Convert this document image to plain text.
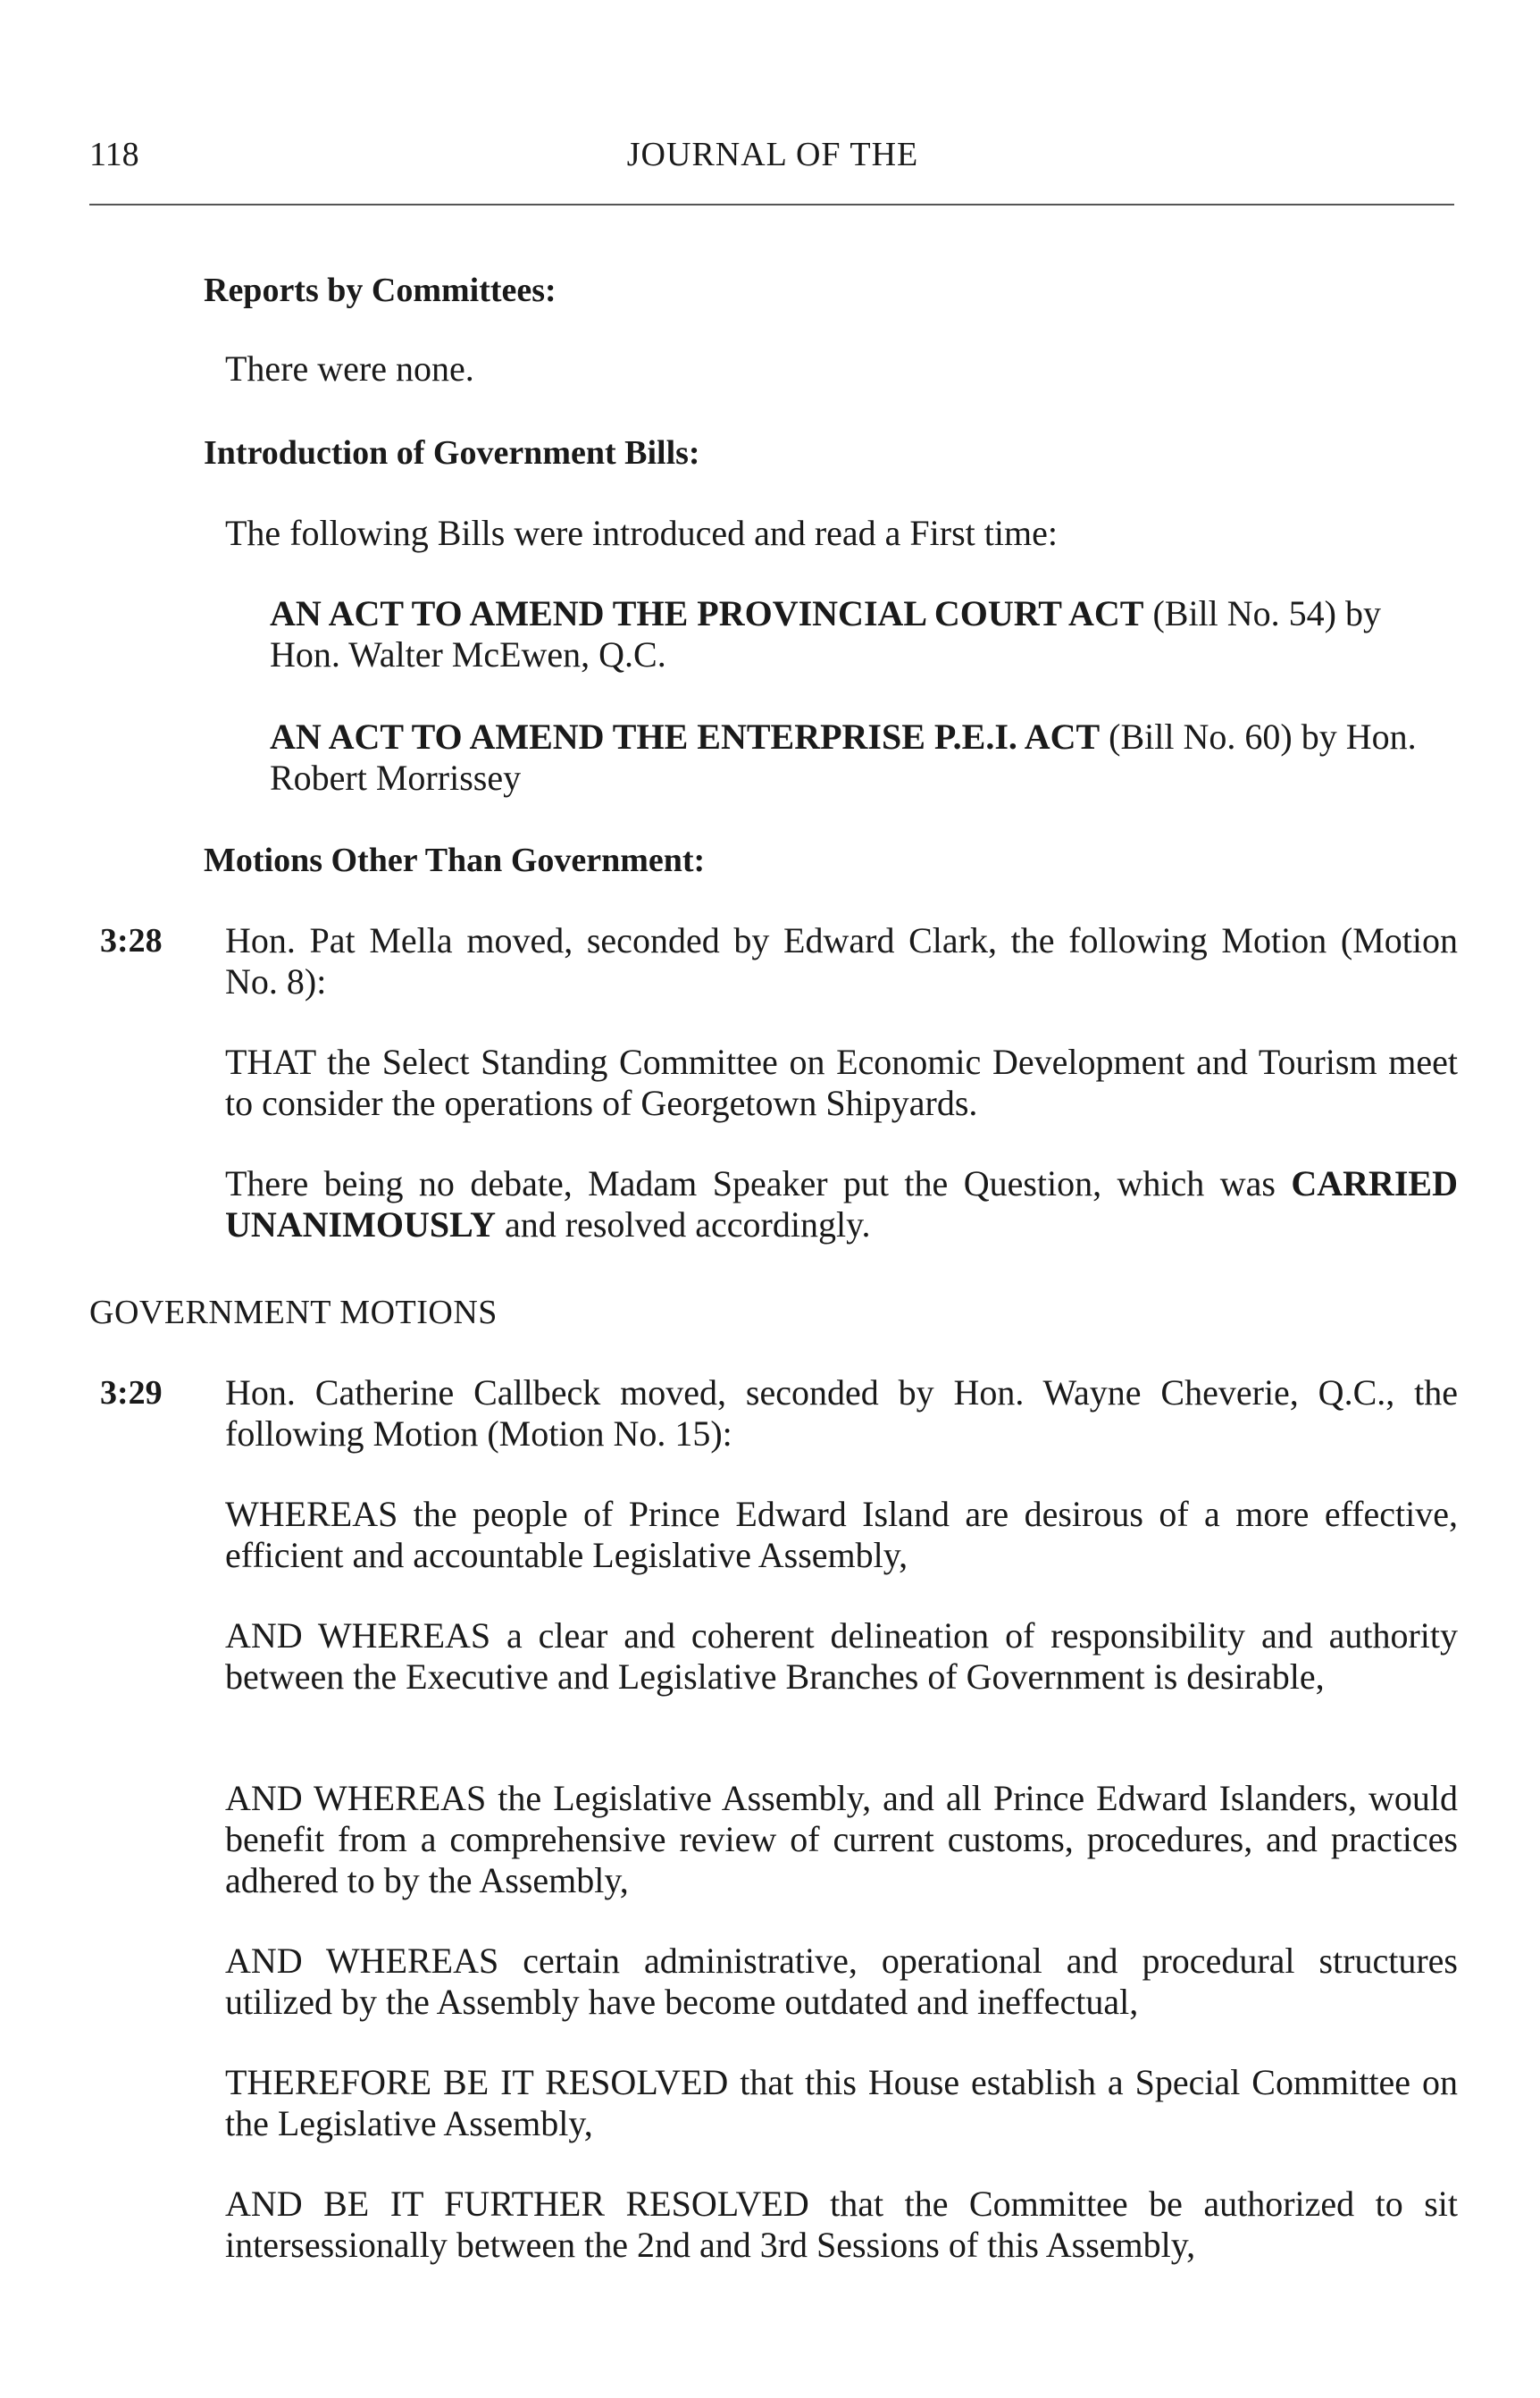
118	JOURNAL OF THE
Reports by Committees:
There were none.
Introduction of Government Bills:
The following Bills were introduced and read a First time:
AN ACT TO AMEND THE PROVINCIAL COURT ACT (Bill No. 54) by Hon. Walter McEwen, Q.C.
AN ACT TO AMEND THE ENTERPRISE P.E.I. ACT (Bill No. 60) by Hon. Robert Morrissey
Motions Other Than Government:
3:28 Hon. Pat Mella moved, seconded by Edward Clark, the following Motion (Motion No. 8):
THAT the Select Standing Committee on Economic Development and Tourism meet to consider the operations of Georgetown Shipyards.
There being no debate, Madam Speaker put the Question, which was CARRIED UNANIMOUSLY and resolved accordingly.
GOVERNMENT MOTIONS
3:29 Hon. Catherine Callbeck moved, seconded by Hon. Wayne Cheverie, Q.C., the following Motion (Motion No. 15):
WHEREAS the people of Prince Edward Island are desirous of a more effective, efficient and accountable Legislative Assembly,
AND WHEREAS a clear and coherent delineation of responsibility and authority between the Executive and Legislative Branches of Government is desirable,
AND WHEREAS the Legislative Assembly, and all Prince Edward Islanders, would benefit from a comprehensive review of current customs, procedures, and practices adhered to by the Assembly,
AND WHEREAS certain administrative, operational and procedural structures utilized by the Assembly have become outdated and ineffectual,
THEREFORE BE IT RESOLVED that this House establish a Special Committee on the Legislative Assembly,
AND BE IT FURTHER RESOLVED that the Committee be authorized to sit intersessionally between the 2nd and 3rd Sessions of this Assembly,
